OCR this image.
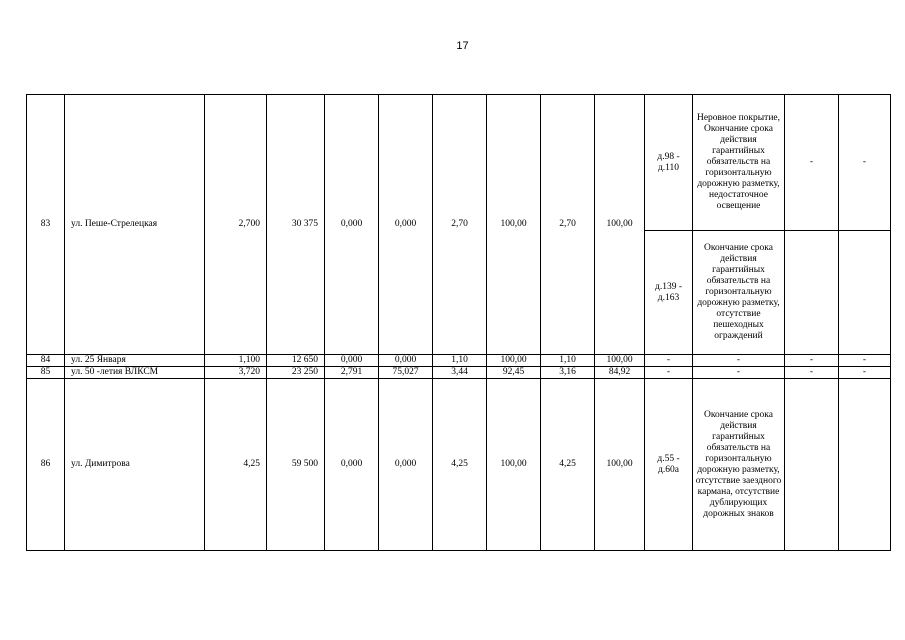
17
83	ул. Пеше-Стрелецкая	2,700	30 375	0,000	0,000	2,70	100,00	2,70	100,00	д.98 - д.110	Неровное покрытие, Окончание срока действия гарантийных обязательств на горизонтальную дорожную разметку, недостаточное освещение	-	-
										д.139 - д.163	Окончание срока действия гарантийных обязательств на горизонтальную дорожную разметку, отсутствие пешеходных ограждений		
84	ул. 25 Января	1,100	12 650	0,000	0,000	1,10	100,00	1,10	100,00	-	-	-	-
85	ул. 50 -летия ВЛКСМ	3,720	23 250	2,791	75,027	3,44	92,45	3,16	84,92	-	-	-	-
86	ул. Димитрова	4,25	59 500	0,000	0,000	4,25	100,00	4,25	100,00	д.55 - д.60а	Окончание срока действия гарантийных обязательств на горизонтальную дорожную разметку, отсутствие заездного кармана, отсутствие дублирующих дорожных знаков		
